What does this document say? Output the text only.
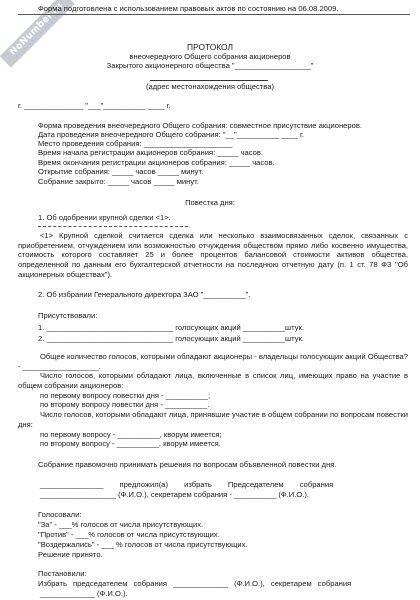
NoNumber.ru
Форма подготовлена с использованием правовых актов по состоянию на 06.08.2009.
ПРОТОКОЛ
внеочередного Общего собрания акционеров
Закрытого акционерного общества "__________________"
(адрес местонахождения общества)
г. ______________ "___"__________ ____ г.
Форма проведения внеочередного Общего собрания: совместное присутствие акционеров.
Дата проведения внеочередного Общего собрания: "__"__________ ____ г.
Место проведения собрания: _____________________
Время начала регистрации акционеров собрания: _____ часов.
Время окончания регистрации акционеров собрания: _____ часов.
Открытие собрания: _____ часов _____ минут.
Собрание закрыто: _____ часов _____ минут.
Повестка дня:
1. Об одобрении крупной сделки <1>.
<1> Крупной сделкой считается сделка или несколько взаимосвязанных сделок, связанных с приобретением, отчуждением или возможностью отчуждения обществом прямо либо косвенно имущества, стоимость которого составляет 25 и более процентов балансовой стоимости активов общества, определенной по данным его бухгалтерской отчетности на последнюю отчетную дату (п. 1 ст. 78 ФЗ "Об акционерных обществах").
2. Об избрании Генерального директора ЗАО "__________".
Присутствовали:
1. ______________________________ голосующих акций __________штук.
2. ______________________________ голосующих акций __________штук.
Общее количество голосов, которыми обладают акционеры - владельцы голосующих акций Общества? - __________________.
Число голосов, которыми обладают лица, включенные в список лиц, имеющих право на участие в общем собрании акционеров:
по первому вопросу повестки дня - __________;
по второму вопросу повестки дня - __________.
Число голосов, которыми обладают лица, принявшие участие в общем собрании по вопросам повестки дня:
по первому вопросу - __________, кворум имеется;
по второму вопросу - __________, кворум имеется.
Собрание правомочно принимать решения по вопросам объявленной повестки дня.
_______________ предложил(а) избрать Председателем собрания
__________________ (Ф.И.О.), секретарем собрания - __________ (Ф.И.О.).
Голосовали:
"За" - ___% голосов от числа присутствующих.
"Против" - ___% голосов от числа присутствующих.
"Воздержались" - ___ % голосов от числа присутствующих.
Решение принято.
Постановили:
Избрать председателем собрания _____________ (Ф.И.О.), секретарем собрания
_____________ (Ф.И.О.).
